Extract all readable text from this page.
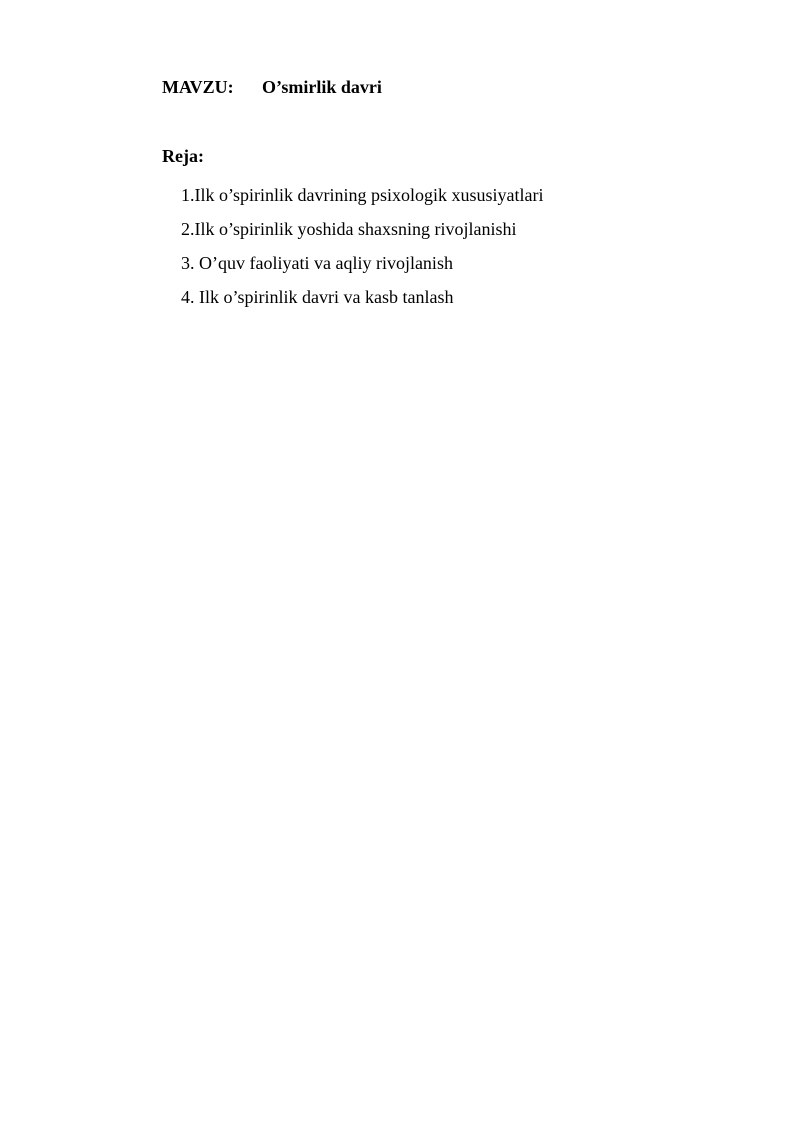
MAVZU: O’smirlik davri
Reja:
1.Ilk o’spirinlik davrining psixologik xususiyatlari
2.Ilk o’spirinlik yoshida shaxsning rivojlanishi
3. O’quv faoliyati va aqliy rivojlanish
4. Ilk o’spirinlik davri va kasb tanlash
